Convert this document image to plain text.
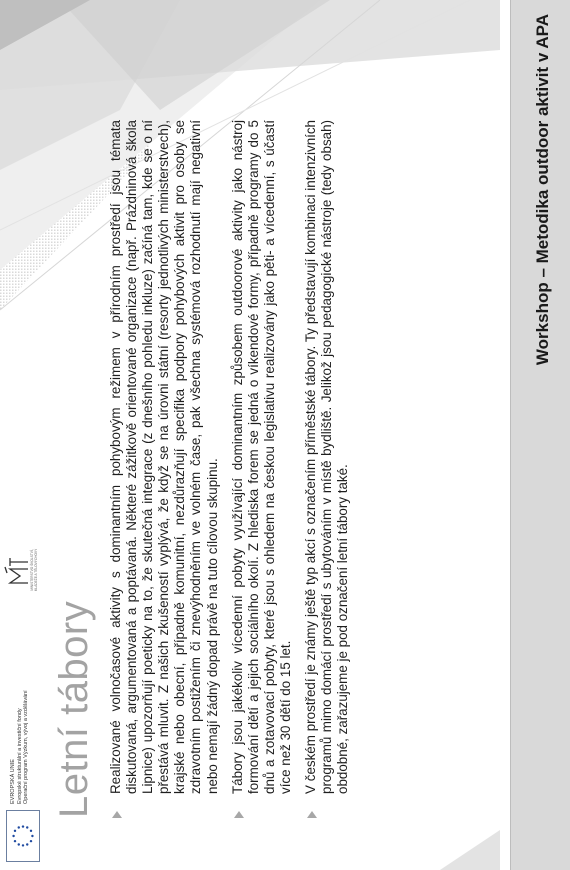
EVROPSKÁ UNIE Evropské strukturální a investiční fondy Operační program Výzkum, vývoj a vzdělávání
MINISTERSTVO ŠKOLSTVÍ, MLÁDEŽE A TĚLOVÝCHOVY
Letní tábory Realizované volnočasové aktivity s dominantním pohybovým režimem v přírodním prostředí jsou témata diskutovaná, argumentovaná a poptávaná. Některé zážitkově orientované organizace (např. Prázdninová škola Lipnice) upozorňují poeticky na to, že skutečná integrace (z dnešního pohledu inkluze) začíná tam, kde se o ní přestává mluvit. Z našich zkušeností vyplývá, že když se na úrovni státní (resorty jednotlivých ministerstvech), krajské nebo obecní, případně komunitní, nezdůrazňují specifika podpory pohybových aktivit pro osoby se zdravotním postižením či znevýhodněním ve volném čase, pak všechna systémová rozhodnutí mají negativní nebo nemají žádný dopad právě na tuto cílovou skupinu. Tábory jsou jakékoliv vícedenní pobyty využívající dominantním způsobem outdoorové aktivity jako nástroj formování dětí a jejich sociálního okolí. Z hlediska forem se jedná o víkendové formy, případně programy do 5 dnů a zotavovací pobyty, které jsou s ohledem na českou legislativu realizovány jako pěti- a vícedenní, s účastí více než 30 dětí do 15 let. V českém prostředí je známy ještě typ akcí s označením příměstské tábory. Ty představují kombinaci intenzivních programů mimo domácí prostředí s ubytováním v místě bydliště. Jelikož jsou pedagogické nástroje (tedy obsah) obdobné, zařazujeme je pod označení letní tábory také.
Workshop – Metodika outdoor aktivit v APA
